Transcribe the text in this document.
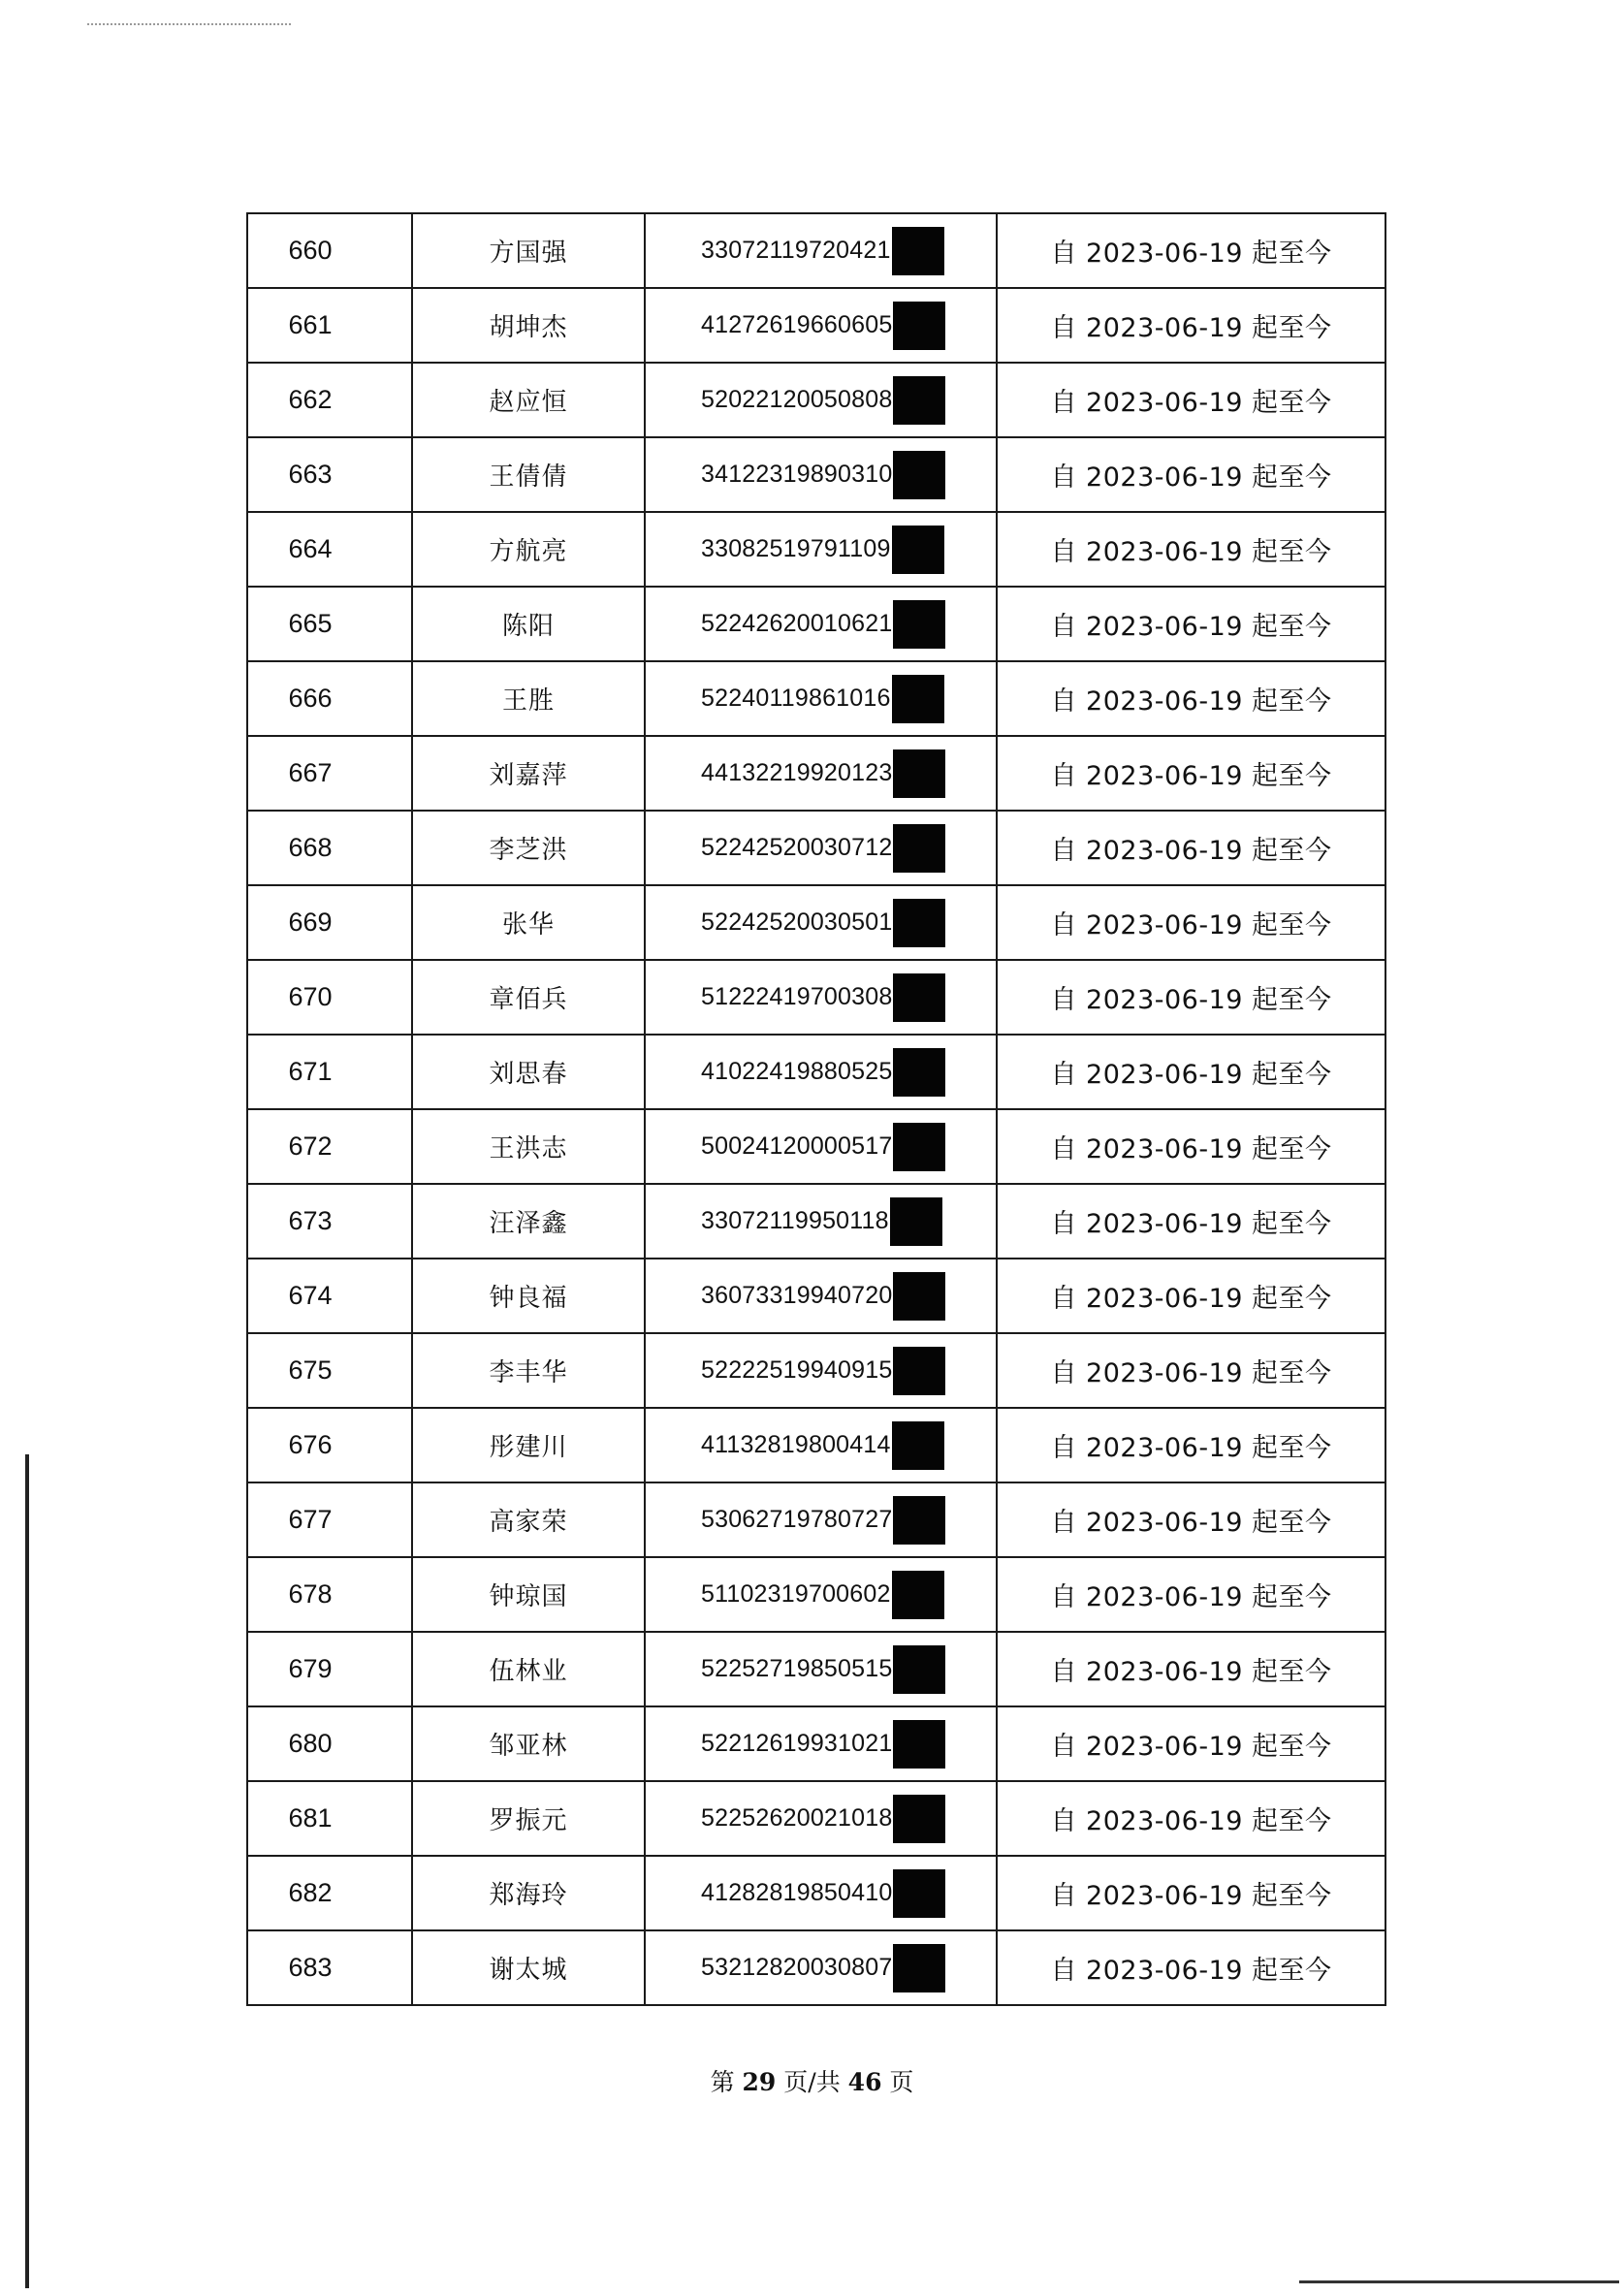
660	方国强	33072119720421	自 2023-06-19 起至今
661	胡坤杰	41272619660605	自 2023-06-19 起至今
662	赵应恒	52022120050808	自 2023-06-19 起至今
663	王倩倩	34122319890310	自 2023-06-19 起至今
664	方航亮	33082519791109	自 2023-06-19 起至今
665	陈阳	52242620010621	自 2023-06-19 起至今
666	王胜	52240119861016	自 2023-06-19 起至今
667	刘嘉萍	44132219920123	自 2023-06-19 起至今
668	李芝洪	52242520030712	自 2023-06-19 起至今
669	张华	52242520030501	自 2023-06-19 起至今
670	章佰兵	51222419700308	自 2023-06-19 起至今
671	刘思春	41022419880525	自 2023-06-19 起至今
672	王洪志	50024120000517	自 2023-06-19 起至今
673	汪泽鑫	33072119950118	自 2023-06-19 起至今
674	钟良福	36073319940720	自 2023-06-19 起至今
675	李丰华	52222519940915	自 2023-06-19 起至今
676	彤建川	41132819800414	自 2023-06-19 起至今
677	高家荣	53062719780727	自 2023-06-19 起至今
678	钟琼国	51102319700602	自 2023-06-19 起至今
679	伍林业	52252719850515	自 2023-06-19 起至今
680	邹亚林	52212619931021	自 2023-06-19 起至今
681	罗振元	52252620021018	自 2023-06-19 起至今
682	郑海玲	41282819850410	自 2023-06-19 起至今
683	谢太城	53212820030807	自 2023-06-19 起至今
第 29 页/共 46 页
